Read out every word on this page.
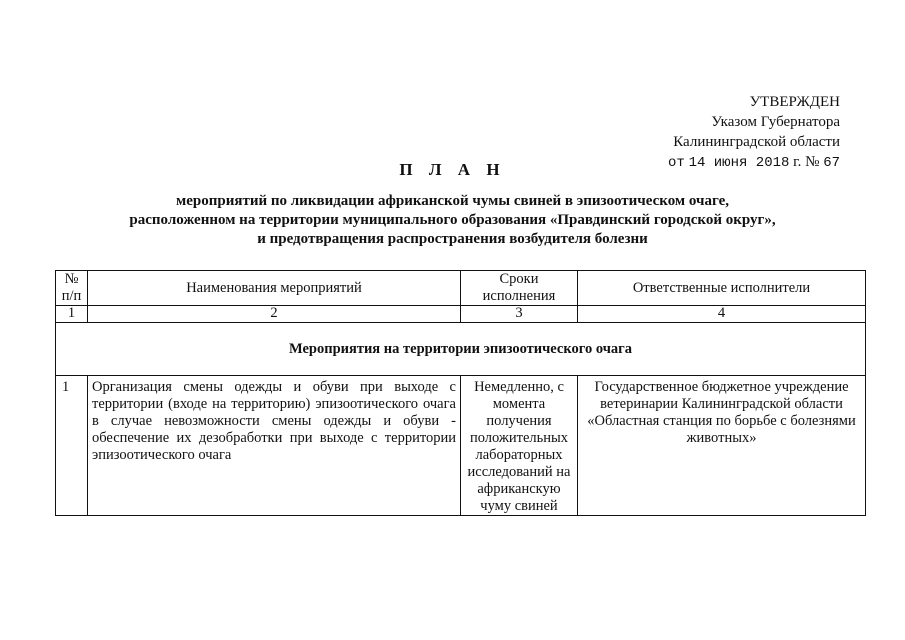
УТВЕРЖДЕН
Указом Губернатора
Калининградской области
от 14 июня 2018 г. № 67
П Л А Н
мероприятий по ликвидации африканской чумы свиней в эпизоотическом очаге,
расположенном на территории муниципального образования «Правдинский городской округ»,
и предотвращения распространения возбудителя болезни
№ п/п	Наименования мероприятий	Сроки исполнения	Ответственные исполнители
1	2	3	4
Мероприятия на территории эпизоотического очага			
1	Организация смены одежды и обуви при выходе с территории (входе на территорию) эпизоотического очага в случае невозможности смены одежды и обуви - обеспечение их дезобработки при выходе с территории эпизоотического очага	Немедленно, с момента получения положительных лабораторных исследований на африканскую чуму свиней	Государственное бюджетное учреждение ветеринарии Калининградской области «Областная станция по борьбе с болезнями животных»
